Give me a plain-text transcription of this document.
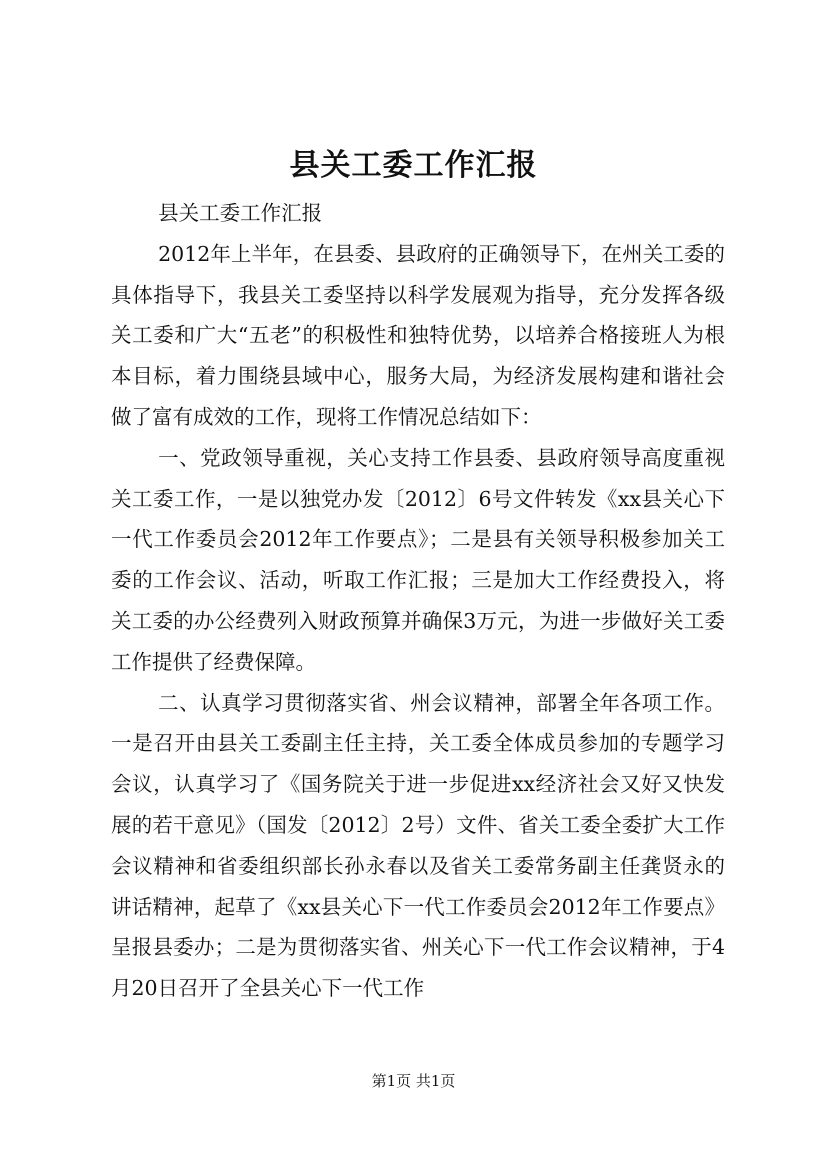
县关工委工作汇报

县关工委工作汇报

2012年上半年，在县委、县政府的正确领导下，在州关工委的具体指导下，我县关工委坚持以科学发展观为指导，充分发挥各级关工委和广大“五老”的积极性和独特优势，以培养合格接班人为根本目标，着力围绕县域中心，服务大局，为经济发展构建和谐社会做了富有成效的工作，现将工作情况总结如下：

一、党政领导重视，关心支持工作县委、县政府领导高度重视关工委工作，一是以独党办发〔2012〕6号文件转发《xx县关心下一代工作委员会2012年工作要点》；二是县有关领导积极参加关工委的工作会议、活动，听取工作汇报；三是加大工作经费投入，将关工委的办公经费列入财政预算并确保3万元，为进一步做好关工委工作提供了经费保障。

二、认真学习贯彻落实省、州会议精神，部署全年各项工作。一是召开由县关工委副主任主持，关工委全体成员参加的专题学习会议，认真学习了《国务院关于进一步促进xx经济社会又好又快发展的若干意见》（国发〔2012〕2号）文件、省关工委全委扩大工作会议精神和省委组织部长孙永春以及省关工委常务副主任龚贤永的讲话精神，起草了《xx县关心下一代工作委员会2012年工作要点》呈报县委办；二是为贯彻落实省、州关心下一代工作会议精神，于4月20日召开了全县关心下一代工作

第1页 共1页
